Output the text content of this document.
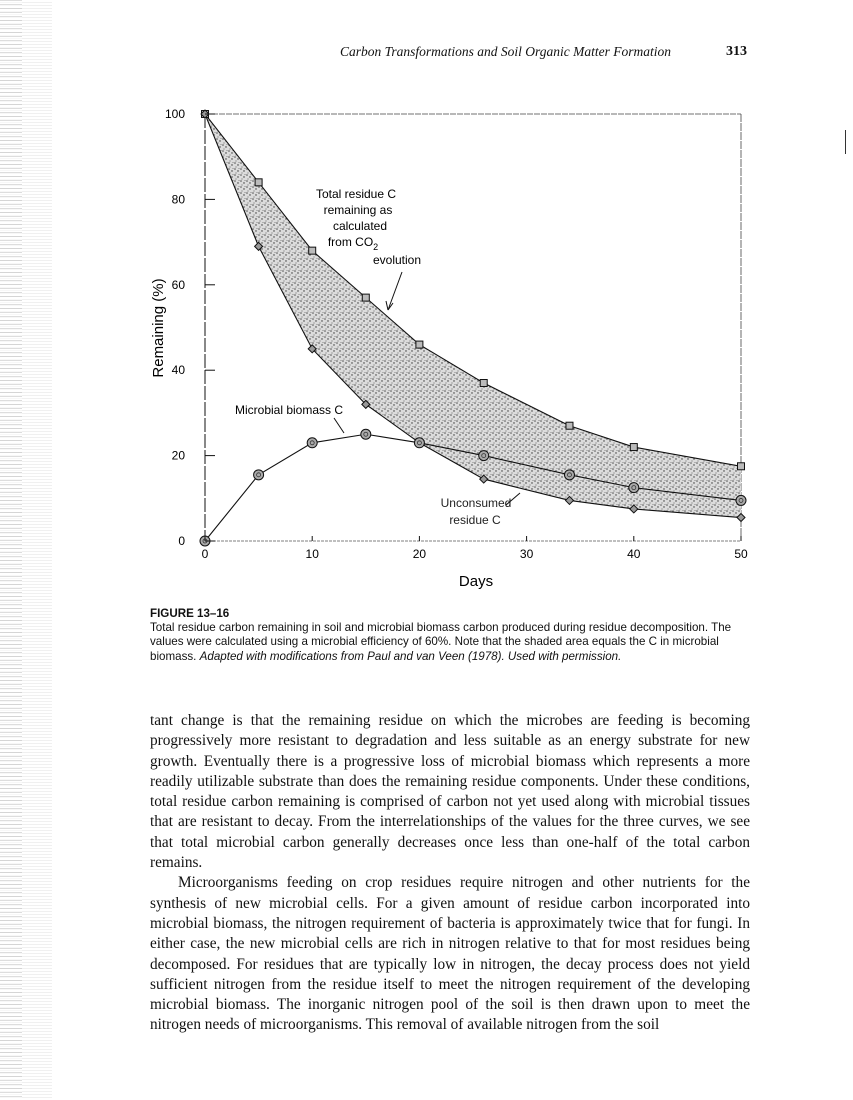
Carbon Transformations and Soil Organic Matter Formation	313
0	10	20	30	40	50
0
20
40
60
80
100
Days
Remaining (%)
Total residue C
remaining as
calculated
from $CO_2$
evolution
Microbial biomass C
Unconsumed
residue C
FIGURE 13–16
Total residue carbon remaining in soil and microbial biomass carbon produced during residue decomposition. The values were calculated using a microbial efficiency of 60%. Note that the shaded area equals the C in microbial biomass. Adapted with modifications from Paul and van Veen (1978). Used with permission.

tant change is that the remaining residue on which the microbes are feeding is becoming progressively more resistant to degradation and less suitable as an energy substrate for new growth. Eventually there is a progressive loss of microbial biomass which represents a more readily utilizable substrate than does the remaining residue components. Under these conditions, total residue carbon remaining is comprised of carbon not yet used along with microbial tissues that are resistant to decay. From the interrelationships of the values for the three curves, we see that total microbial carbon generally decreases once less than one-half of the total carbon remains.

Microorganisms feeding on crop residues require nitrogen and other nutrients for the synthesis of new microbial cells. For a given amount of residue carbon incorporated into microbial biomass, the nitrogen requirement of bacteria is approximately twice that for fungi. In either case, the new microbial cells are rich in nitrogen relative to that for most residues being decomposed. For residues that are typically low in nitrogen, the decay process does not yield sufficient nitrogen from the residue itself to meet the nitrogen requirement of the developing microbial biomass. The inorganic nitrogen pool of the soil is then drawn upon to meet the nitrogen needs of microorganisms. This removal of available nitrogen from the soil
